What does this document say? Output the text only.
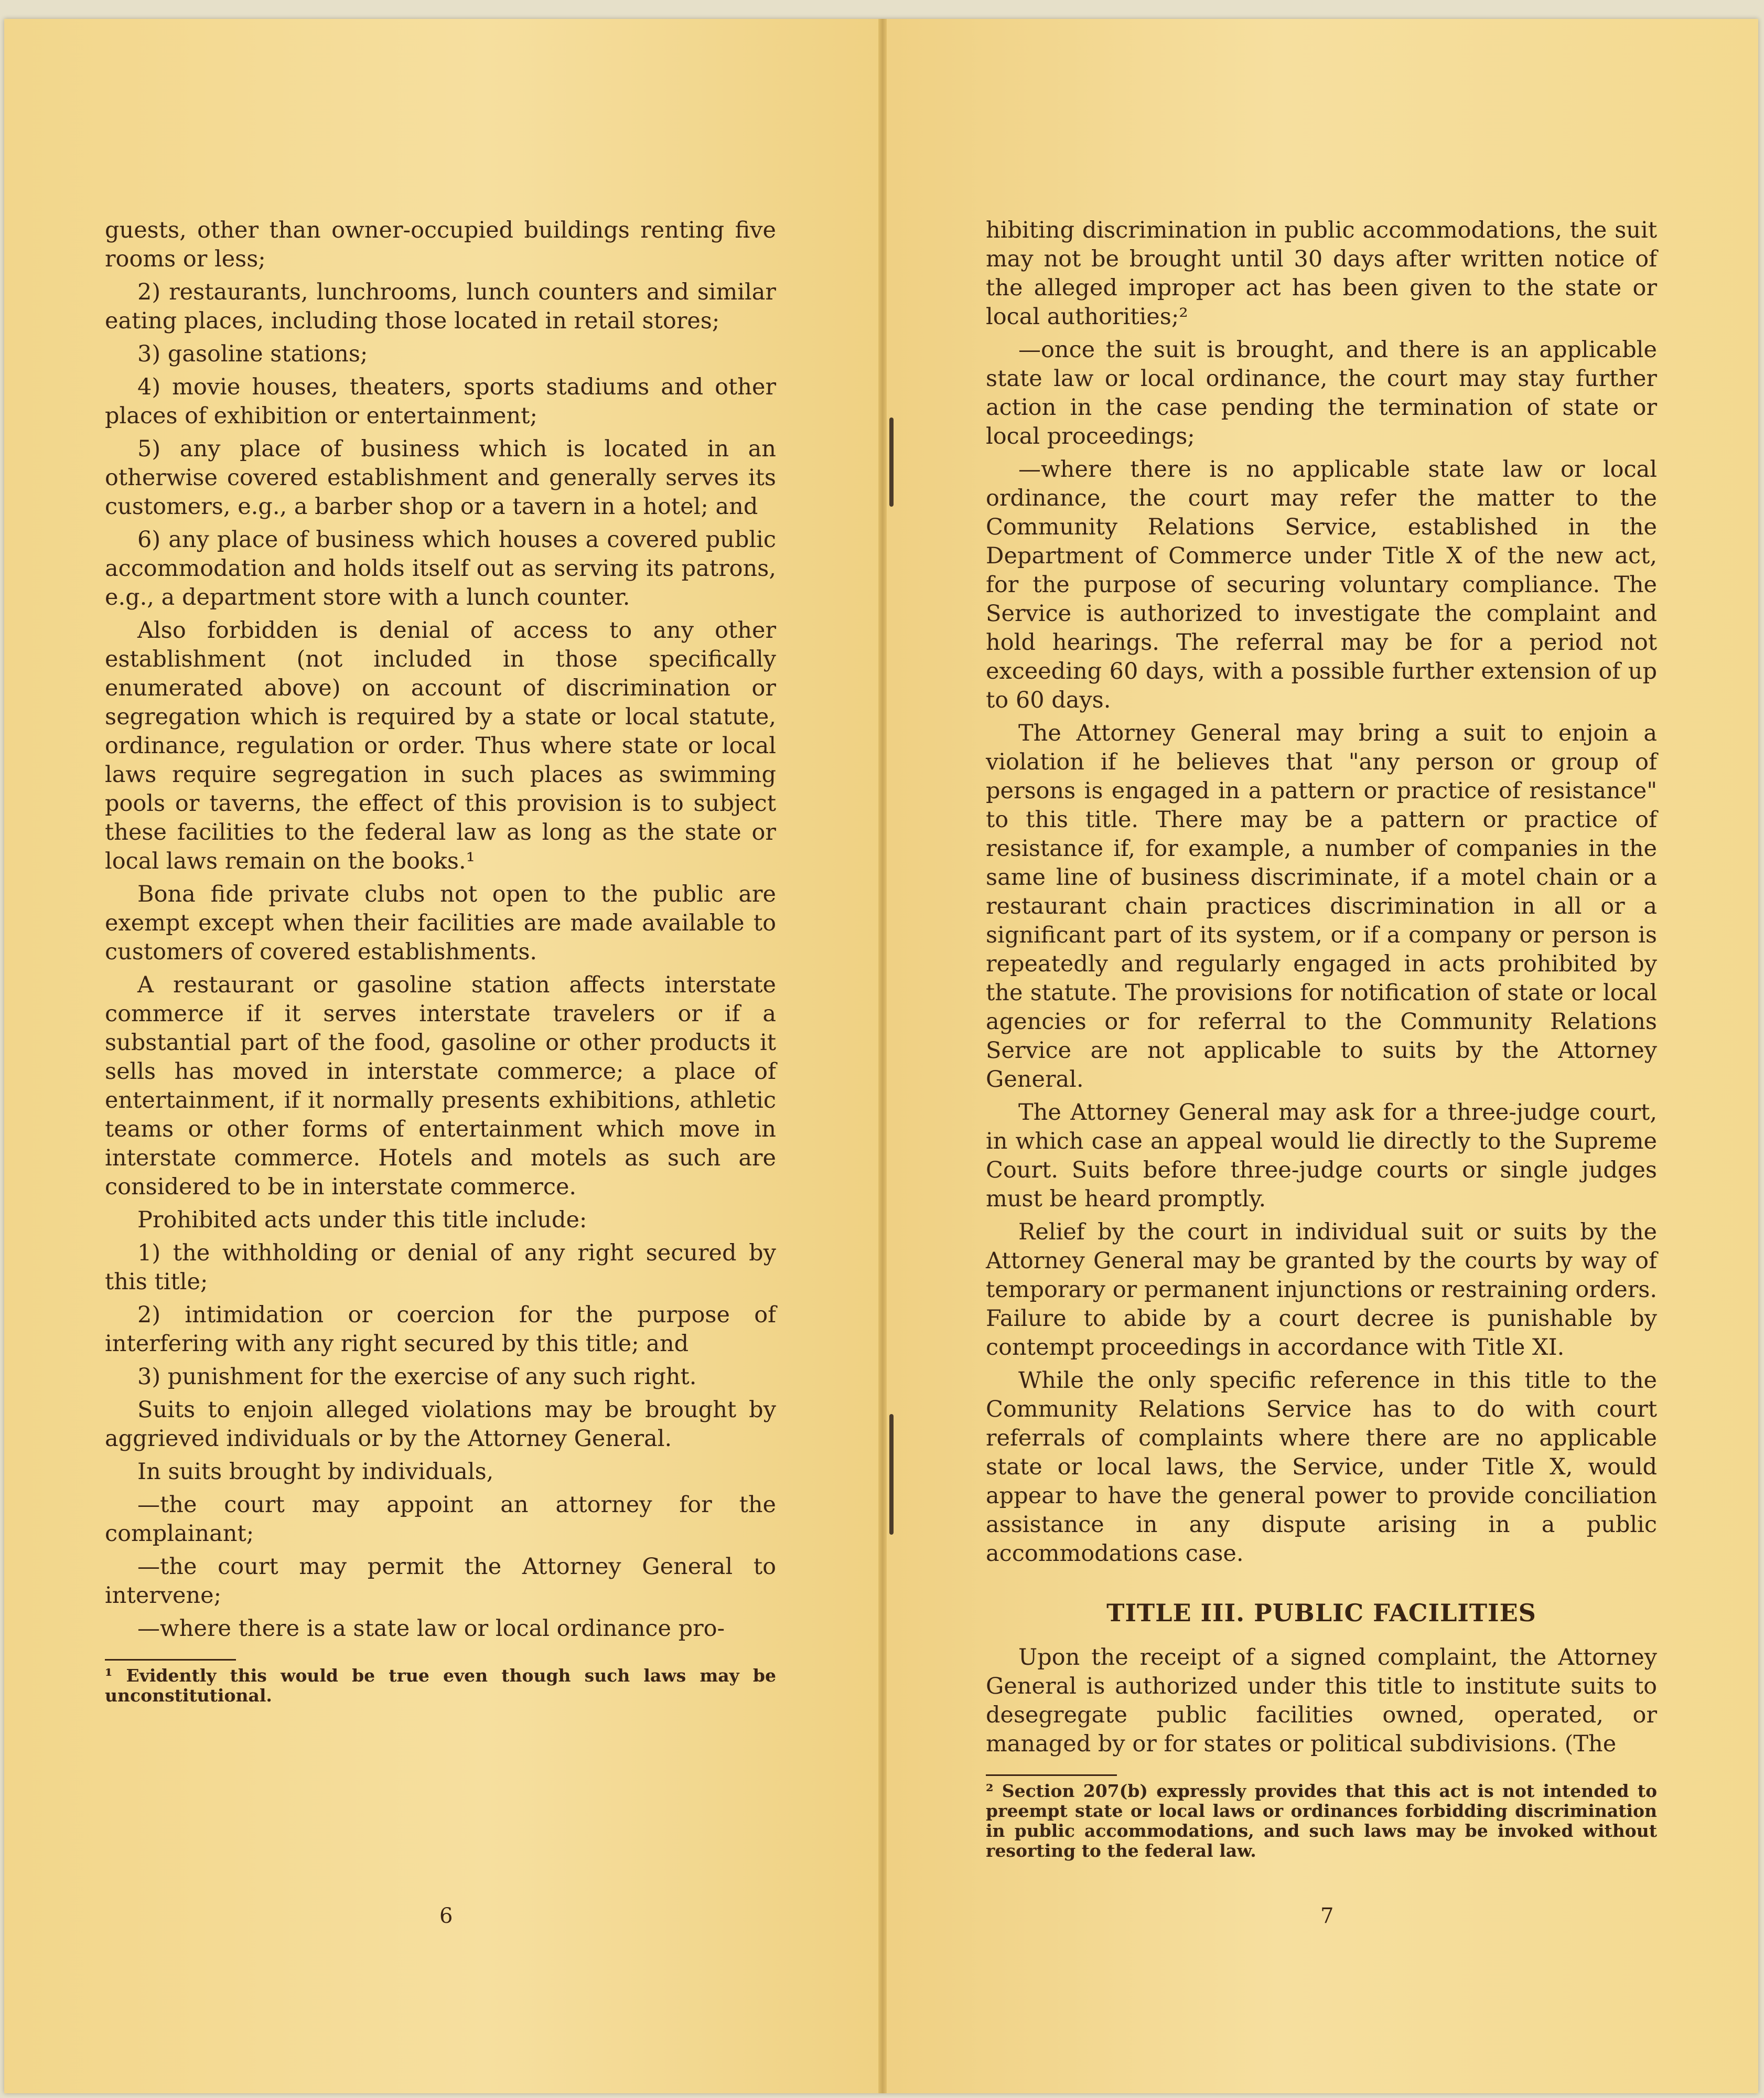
guests, other than owner-occupied buildings renting five rooms or less;

2) restaurants, lunchrooms, lunch counters and similar eating places, including those located in retail stores;

3) gasoline stations;

4) movie houses, theaters, sports stadiums and other places of exhibition or entertainment;

5) any place of business which is located in an otherwise covered establishment and generally serves its customers, e.g., a barber shop or a tavern in a hotel; and

6) any place of business which houses a covered public accommodation and holds itself out as serving its patrons, e.g., a department store with a lunch counter.

Also forbidden is denial of access to any other establishment (not included in those specifically enumerated above) on account of discrimination or segregation which is required by a state or local statute, ordinance, regulation or order. Thus where state or local laws require segregation in such places as swimming pools or taverns, the effect of this provision is to subject these facilities to the federal law as long as the state or local laws remain on the books.¹

Bona fide private clubs not open to the public are exempt except when their facilities are made available to customers of covered establishments.

A restaurant or gasoline station affects interstate commerce if it serves interstate travelers or if a substantial part of the food, gasoline or other products it sells has moved in interstate commerce; a place of entertainment, if it normally presents exhibitions, athletic teams or other forms of entertainment which move in interstate commerce. Hotels and motels as such are considered to be in interstate commerce.

Prohibited acts under this title include:

1) the withholding or denial of any right secured by this title;

2) intimidation or coercion for the purpose of interfering with any right secured by this title; and

3) punishment for the exercise of any such right.

Suits to enjoin alleged violations may be brought by aggrieved individuals or by the Attorney General.

In suits brought by individuals,

—the court may appoint an attorney for the complainant;

—the court may permit the Attorney General to intervene;

—where there is a state law or local ordinance pro-

¹ Evidently this would be true even though such laws may be unconstitutional.

hibiting discrimination in public accommodations, the suit may not be brought until 30 days after written notice of the alleged improper act has been given to the state or local authorities;²

—once the suit is brought, and there is an applicable state law or local ordinance, the court may stay further action in the case pending the termination of state or local proceedings;

—where there is no applicable state law or local ordinance, the court may refer the matter to the Community Relations Service, established in the Department of Commerce under Title X of the new act, for the purpose of securing voluntary compliance. The Service is authorized to investigate the complaint and hold hearings. The referral may be for a period not exceeding 60 days, with a possible further extension of up to 60 days.

The Attorney General may bring a suit to enjoin a violation if he believes that "any person or group of persons is engaged in a pattern or practice of resistance" to this title. There may be a pattern or practice of resistance if, for example, a number of companies in the same line of business discriminate, if a motel chain or a restaurant chain practices discrimination in all or a significant part of its system, or if a company or person is repeatedly and regularly engaged in acts prohibited by the statute. The provisions for notification of state or local agencies or for referral to the Community Relations Service are not applicable to suits by the Attorney General.

The Attorney General may ask for a three-judge court, in which case an appeal would lie directly to the Supreme Court. Suits before three-judge courts or single judges must be heard promptly.

Relief by the court in individual suit or suits by the Attorney General may be granted by the courts by way of temporary or permanent injunctions or restraining orders. Failure to abide by a court decree is punishable by contempt proceedings in accordance with Title XI.

While the only specific reference in this title to the Community Relations Service has to do with court referrals of complaints where there are no applicable state or local laws, the Service, under Title X, would appear to have the general power to provide conciliation assistance in any dispute arising in a public accommodations case.

TITLE III. PUBLIC FACILITIES

Upon the receipt of a signed complaint, the Attorney General is authorized under this title to institute suits to desegregate public facilities owned, operated, or managed by or for states or political subdivisions. (The

² Section 207(b) expressly provides that this act is not intended to preempt state or local laws or ordinances forbidding discrimination in public accommodations, and such laws may be invoked without resorting to the federal law.
6	7
